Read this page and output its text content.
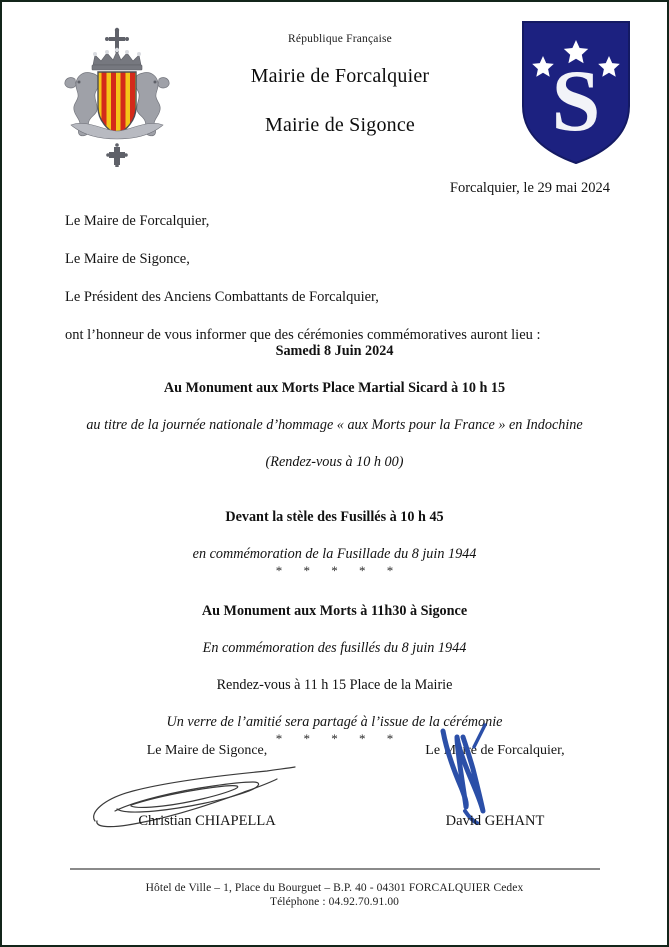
République Française
Mairie de Forcalquier
Mairie de Sigonce	S
Forcalquier, le 29 mai 2024

Le Maire de Forcalquier,

Le Maire de Sigonce,

Le Président des Anciens Combattants de Forcalquier,

ont l’honneur de vous informer que des cérémonies commémoratives auront lieu :

Samedi 8 Juin 2024

Au Monument aux Morts Place Martial Sicard à 10 h 15

au titre de la journée nationale d’hommage « aux Morts pour la France » en Indochine

(Rendez-vous à 10 h 00)

Devant la stèle des Fusillés à 10 h 45

en commémoration de la Fusillade du 8 juin 1944

* * * * *

Au Monument aux Morts à 11h30 à Sigonce

En commémoration des fusillés du 8 juin 1944

Rendez-vous à 11 h 15 Place de la Mairie

Un verre de l’amitié sera partagé à l’issue de la cérémonie

* * * * *

Le Maire de Sigonce,

Christian CHIAPELLA

Le Maire de Forcalquier,

David GEHANT

Hôtel de Ville – 1, Place du Bourguet – B.P. 40 - 04301 FORCALQUIER Cedex

Téléphone : 04.92.70.91.00
